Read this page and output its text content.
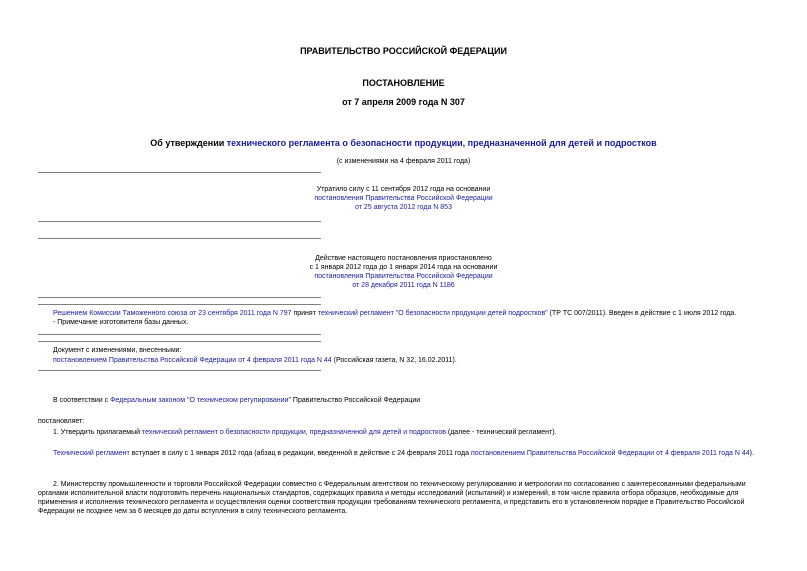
ПРАВИТЕЛЬСТВО РОССИЙСКОЙ ФЕДЕРАЦИИ
ПОСТАНОВЛЕНИЕ
от 7 апреля 2009 года N 307
Об утверждении технического регламента о безопасности продукции, предназначенной для детей и подростков
(с изменениями на 4 февраля 2011 года)

Утратило силу с 11 сентября 2012 года на основании

постановления Правительства Российской Федерации

от 25 августа 2012 года N 853

Действие настоящего постановления приостановлено

с 1 января 2012 года до 1 января 2014 года на основании

постановления Правительства Российской Федерации

от 28 декабря 2011 года N 1186

Решением Комиссии Таможенного союза от 23 сентября 2011 года N 797 принят технический регламент "О безопасности продукции детей подростков" (ТР ТС 007/2011). Введен в действие с 1 июля 2012 года.

- Примечание изготовителя базы данных.

Документ с изменениями, внесенными:

постановлением Правительства Российской Федерации от 4 февраля 2011 года N 44 (Российская газета, N 32, 16.02.2011).

В соответствии с Федеральным законом "О техническом регулировании" Правительство Российской Федерации
постановляет:
1. Утвердить прилагаемый технический регламент о безопасности продукции, предназначенной для детей и подростков (далее - технический регламент).
Технический регламент вступает в силу с 1 января 2012 года (абзац в редакции, введенной в действие с 24 февраля 2011 года постановлением Правительства Российской Федерации от 4 февраля 2011 года N 44).
2. Министерству промышленности и торговли Российской Федерации совместно с Федеральным агентством по техническому регулированию и метрологии по согласованию с заинтересованными федеральными органами исполнительной власти подготовить перечень национальных стандартов, содержащих правила и методы исследований (испытаний) и измерений, в том числе правила отбора образцов, необходимые для применения и исполнения технического регламента и осуществления оценки соответствия продукции требованиям технического регламента, и представить его в установленном порядке в Правительство Российской Федерации не позднее чем за 6 месяцев до даты вступления в силу технического регламента.
